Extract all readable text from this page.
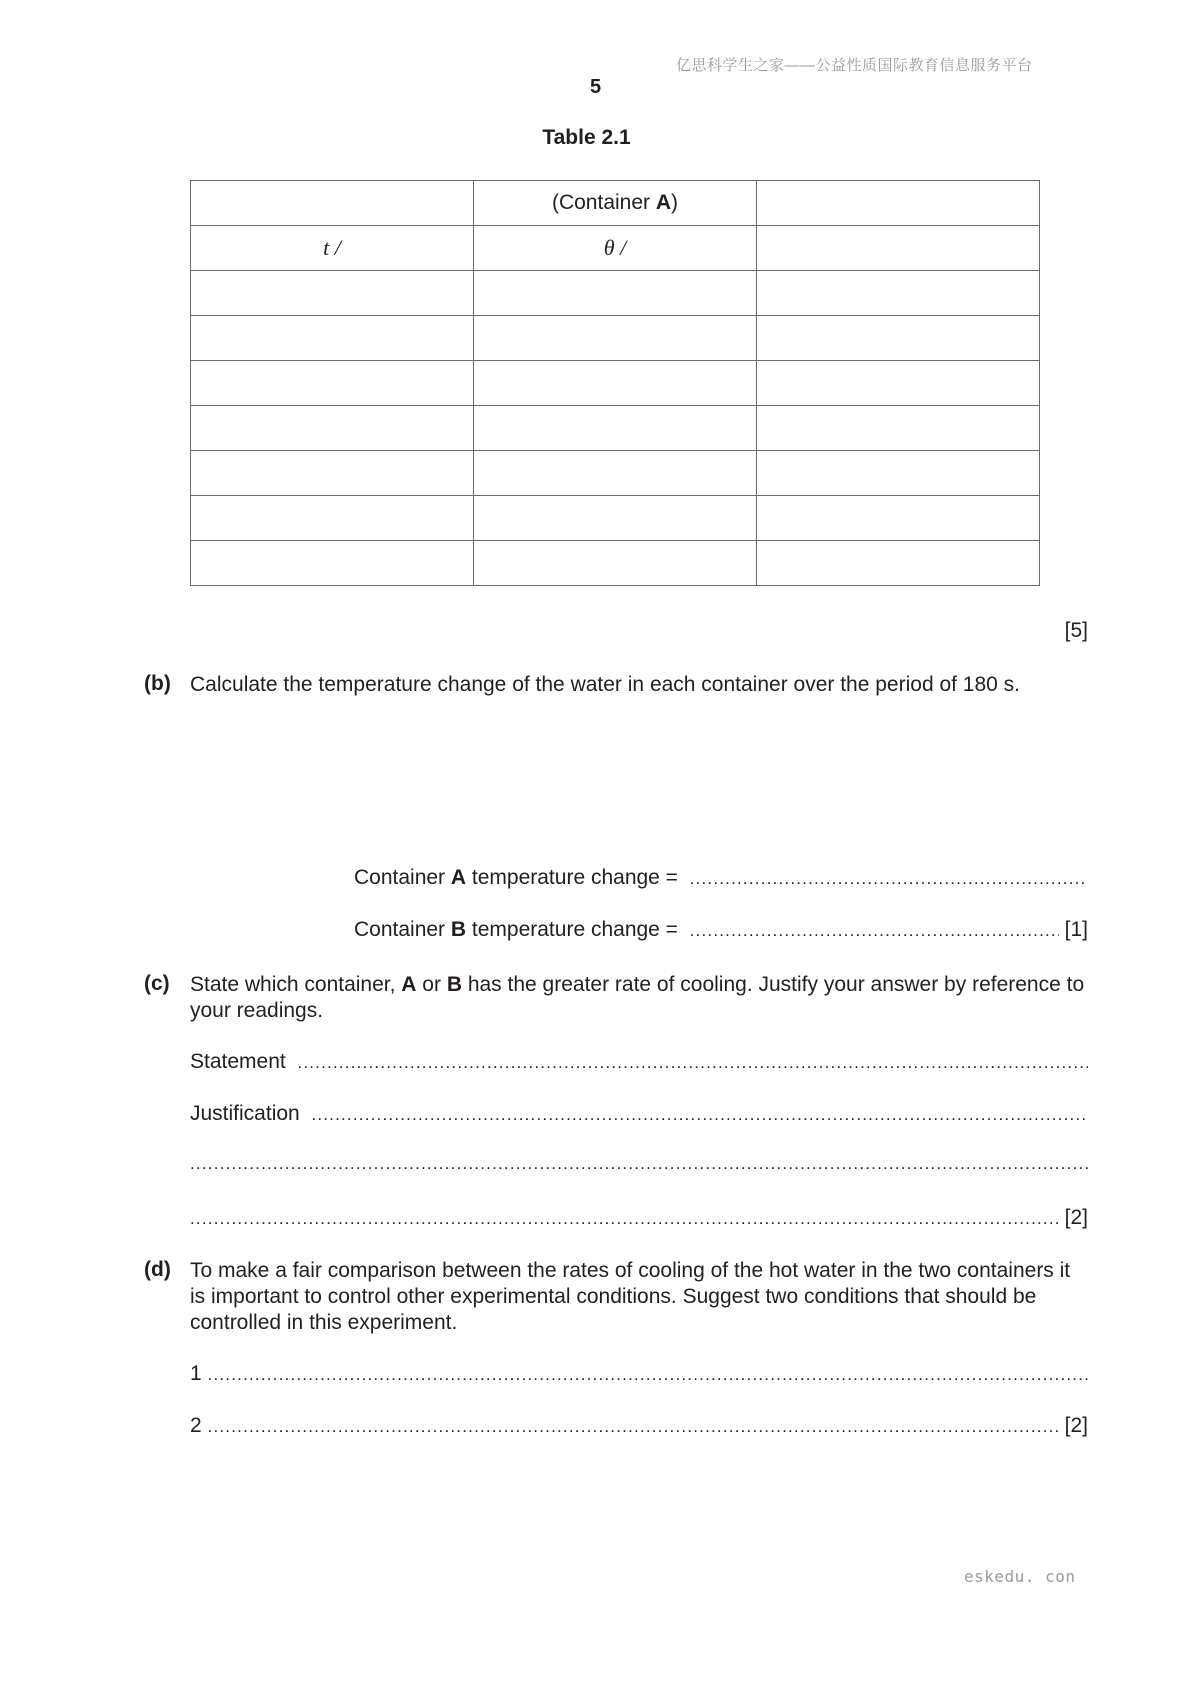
亿思科学生之家——公益性质国际教育信息服务平台
5
Table 2.1
	(Container A)	
t /	θ /	

[5]
(b) Calculate the temperature change of the water in each container over the period of 180 s.
Container A temperature change =
.....
Container B temperature change = .....	[1]
(c) State which container, A or B has the greater rate of cooling. Justify your answer by reference to your readings.
Statement
.....
Justification
.....
.....
.....
[2]
(d) To make a fair comparison between the rates of cooling of the hot water in the two containers it is important to control other experimental conditions. Suggest two conditions that should be controlled in this experiment.
1
.....
2 .....	[2]
eskedu. con
